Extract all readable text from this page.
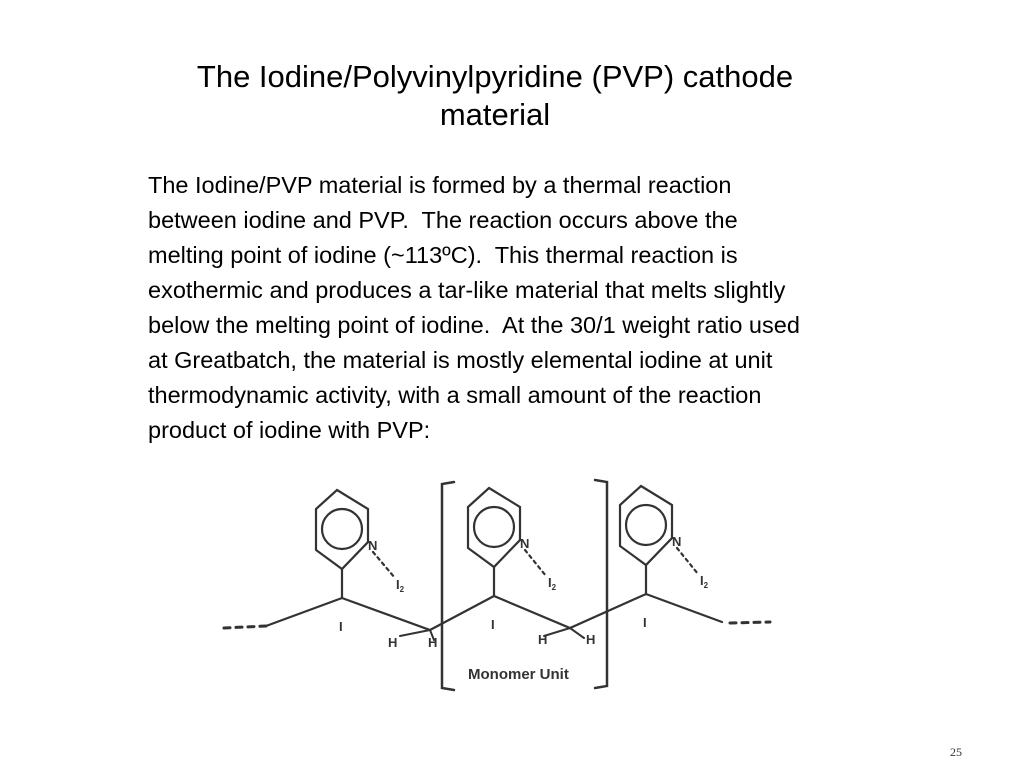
The Iodine/Polyvinylpyridine (PVP) cathode
material
The Iodine/PVP material is formed by a thermal reaction
between iodine and PVP.  The reaction occurs above the
melting point of iodine (~113ºC).  This thermal reaction is
exothermic and produces a tar-like material that melts slightly
below the melting point of iodine.  At the 30/1 weight ratio used
at Greatbatch, the material is mostly elemental iodine at unit
thermodynamic activity, with a small amount of the reaction
product of iodine with PVP:
N	N	N
$I_2$	$I_2$	$I_2$
I	I	I
H H	H	H
Monomer Unit
25
